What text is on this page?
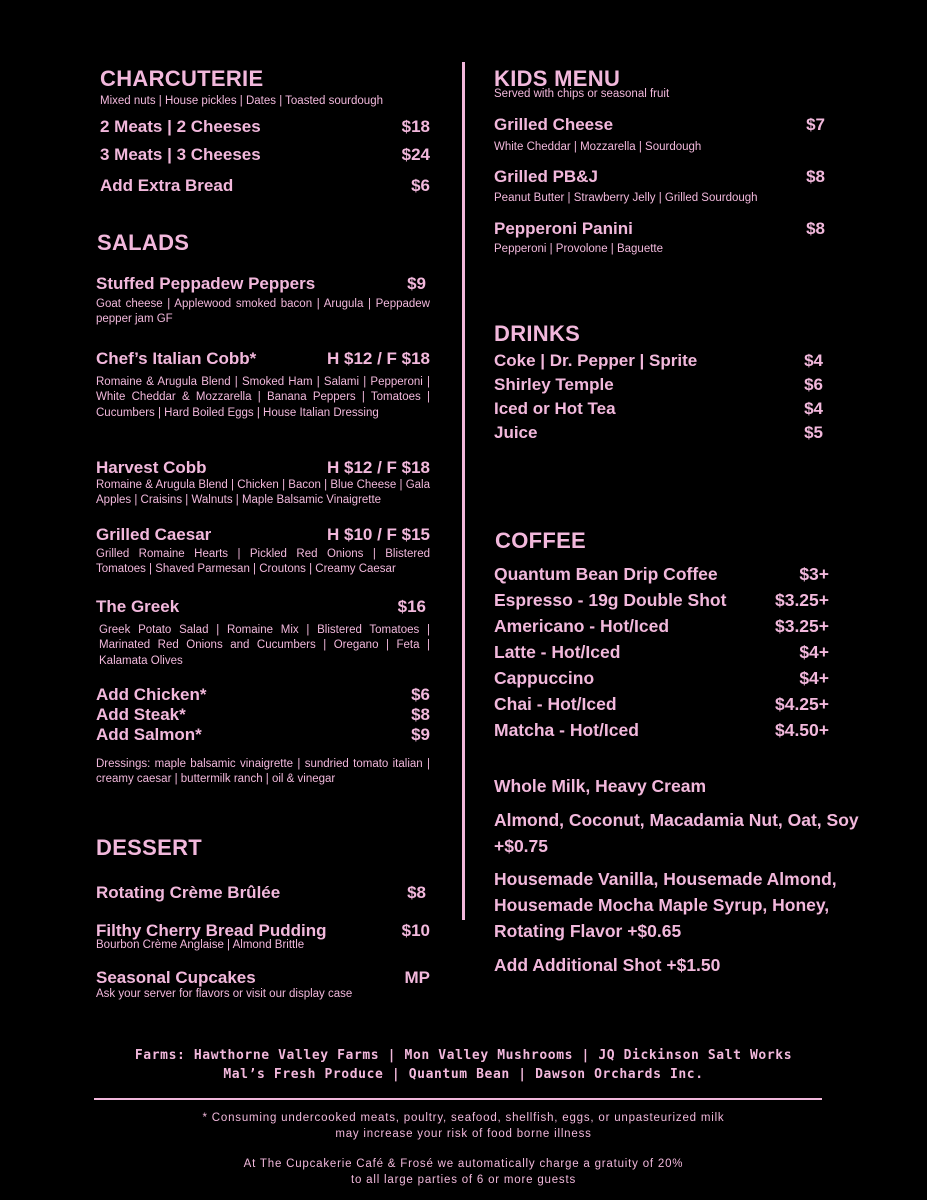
CHARCUTERIE
Mixed nuts | House pickles | Dates | Toasted sourdough
2 Meats | 2 Cheeses	$18
3 Meats | 3 Cheeses	$24
Add Extra Bread	$6
SALADS
Stuffed Peppadew Peppers	$9
Goat cheese | Applewood smoked bacon | Arugula | Peppadew pepper jam GF
Chef’s Italian Cobb*	H $12 / F $18
Romaine & Arugula Blend | Smoked Ham | Salami | Pepperoni | White Cheddar & Mozzarella | Banana Peppers | Tomatoes | Cucumbers | Hard Boiled Eggs | House Italian Dressing
Harvest Cobb	H $12 / F $18
Romaine & Arugula Blend | Chicken | Bacon | Blue Cheese | Gala Apples | Craisins | Walnuts | Maple Balsamic Vinaigrette
Grilled Caesar	H $10 / F $15
Grilled Romaine Hearts | Pickled Red Onions | Blistered Tomatoes | Shaved Parmesan | Croutons | Creamy Caesar
The Greek	$16
Greek Potato Salad | Romaine Mix | Blistered Tomatoes | Marinated Red Onions and Cucumbers | Oregano | Feta | Kalamata Olives
Add Chicken*	$6
Add Steak*	$8
Add Salmon*	$9
Dressings: maple balsamic vinaigrette | sundried tomato italian | creamy caesar | buttermilk ranch | oil & vinegar
DESSERT
Rotating Crème Brûlée	$8
Filthy Cherry Bread Pudding	$10
Bourbon Crème Anglaise | Almond Brittle
Seasonal Cupcakes	MP
Ask your server for flavors or visit our display case
KIDS MENU
Served with chips or seasonal fruit
Grilled Cheese	$7
White Cheddar | Mozzarella | Sourdough
Grilled PB&J	$8
Peanut Butter | Strawberry Jelly | Grilled Sourdough
Pepperoni Panini	$8
Pepperoni | Provolone | Baguette
DRINKS
Coke | Dr. Pepper | Sprite	$4
Shirley Temple	$6
Iced or Hot Tea	$4
Juice	$5
COFFEE
Quantum Bean Drip Coffee	$3+
Espresso - 19g Double Shot	$3.25+
Americano - Hot/Iced	$3.25+
Latte - Hot/Iced	$4+
Cappuccino	$4+
Chai - Hot/Iced	$4.25+
Matcha - Hot/Iced	$4.50+
Whole Milk, Heavy Cream
Almond, Coconut, Macadamia Nut, Oat, Soy +$0.75
Housemade Vanilla, Housemade Almond, Housemade Mocha Maple Syrup, Honey, Rotating Flavor +$0.65
Add Additional Shot +$1.50
Farms: Hawthorne Valley Farms | Mon Valley Mushrooms | JQ Dickinson Salt Works
Mal’s Fresh Produce | Quantum Bean | Dawson Orchards Inc.
* Consuming undercooked meats, poultry, seafood, shellfish, eggs, or unpasteurized milk
may increase your risk of food borne illness
At The Cupcakerie Café & Frosé we automatically charge a gratuity of 20%
to all large parties of 6 or more guests
